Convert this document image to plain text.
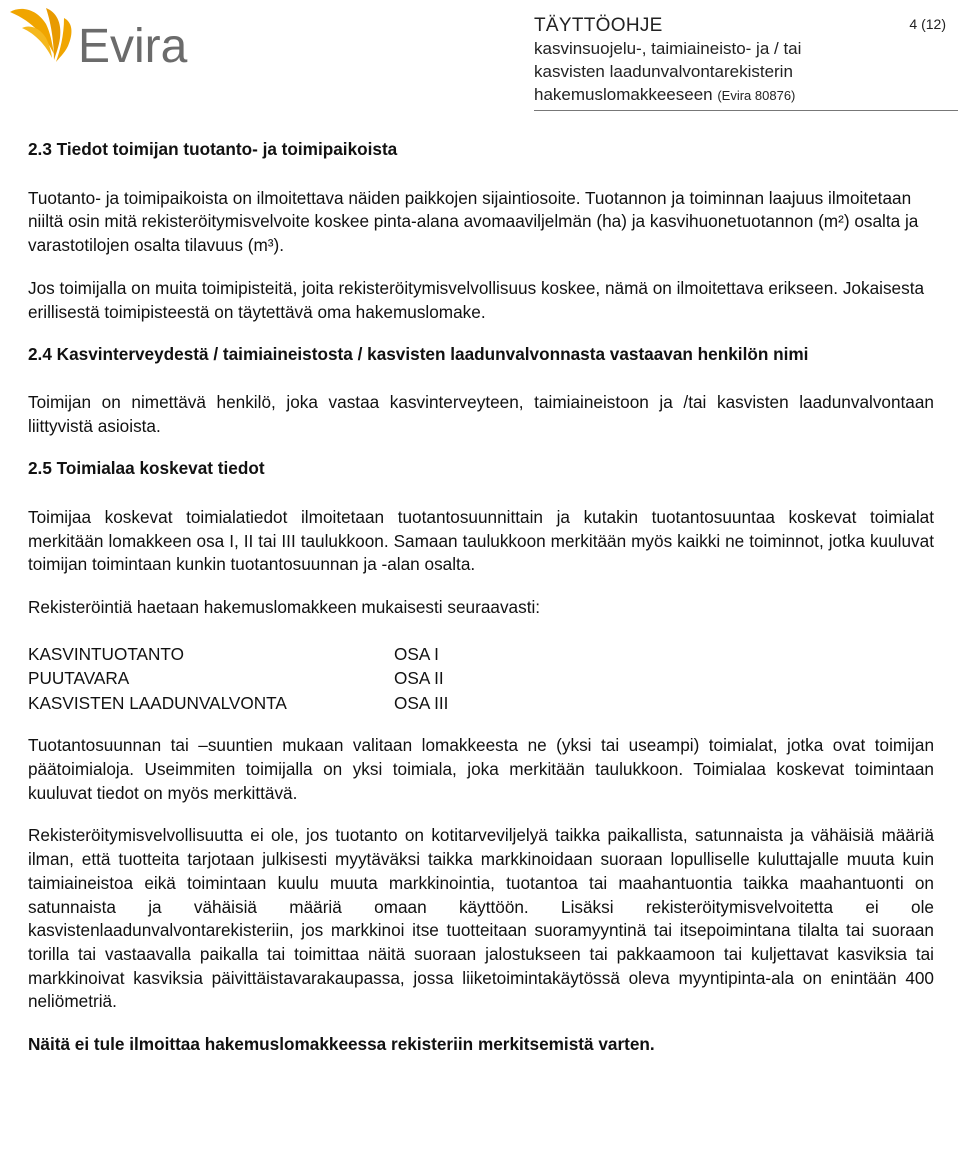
Evira	TÄYTTÖOHJE
kasvinsuojelu-, taimiaineisto- ja / tai
kasvisten laadunvalvontarekisterin
hakemuslomakkeeseen (Evira 80876)
4 (12)
2.3 Tiedot toimijan tuotanto- ja toimipaikoista

Tuotanto- ja toimipaikoista on ilmoitettava näiden paikkojen sijaintiosoite. Tuotannon ja toiminnan laajuus ilmoitetaan niiltä osin mitä rekisteröitymisvelvoite koskee pinta-alana avomaaviljelmän (ha) ja kasvihuonetuotannon (m²) osalta ja varastotilojen osalta tilavuus (m³).

Jos toimijalla on muita toimipisteitä, joita rekisteröitymisvelvollisuus koskee, nämä on ilmoitettava erikseen. Jokaisesta erillisestä toimipisteestä on täytettävä oma hakemuslomake.

2.4 Kasvinterveydestä / taimiaineistosta / kasvisten laadunvalvonnasta vastaavan henkilön nimi

Toimijan on nimettävä henkilö, joka vastaa kasvinterveyteen, taimiaineistoon ja /tai kasvisten laadunvalvontaan liittyvistä asioista.

2.5 Toimialaa koskevat tiedot

Toimijaa koskevat toimialatiedot ilmoitetaan tuotantosuunnittain ja kutakin tuotantosuuntaa koskevat toimialat merkitään lomakkeen osa I, II tai III taulukkoon. Samaan taulukkoon merkitään myös kaikki ne toiminnot, jotka kuuluvat toimijan toimintaan kunkin tuotantosuunnan ja -alan osalta.

Rekisteröintiä haetaan hakemuslomakkeen mukaisesti seuraavasti:

KASVINTUOTANTO	OSA I
PUUTAVARA	OSA II
KASVISTEN LAADUNVALVONTA	OSA III

Tuotantosuunnan tai –suuntien mukaan valitaan lomakkeesta ne (yksi tai useampi) toimialat, jotka ovat toimijan päätoimialoja. Useimmiten toimijalla on yksi toimiala, joka merkitään taulukkoon. Toimialaa koskevat toimintaan kuuluvat tiedot on myös merkittävä.

Rekisteröitymisvelvollisuutta ei ole, jos tuotanto on kotitarveviljelyä taikka paikallista, satunnaista ja vähäisiä määriä ilman, että tuotteita tarjotaan julkisesti myytäväksi taikka markkinoidaan suoraan lopulliselle kuluttajalle muuta kuin taimiaineistoa eikä toimintaan kuulu muuta markkinointia, tuotantoa tai maahantuontia taikka maahantuonti on satunnaista ja vähäisiä määriä omaan käyttöön. Lisäksi rekisteröitymisvelvoitetta ei ole kasvistenlaadunvalvontarekisteriin, jos markkinoi itse tuotteitaan suoramyyntinä tai itsepoimintana tilalta tai suoraan torilla tai vastaavalla paikalla tai toimittaa näitä suoraan jalostukseen tai pakkaamoon tai kuljettavat kasviksia tai markkinoivat kasviksia päivittäistavarakaupassa, jossa liiketoimintakäytössä oleva myyntipinta-ala on enintään 400 neliömetriä.

Näitä ei tule ilmoittaa hakemuslomakkeessa rekisteriin merkitsemistä varten.
